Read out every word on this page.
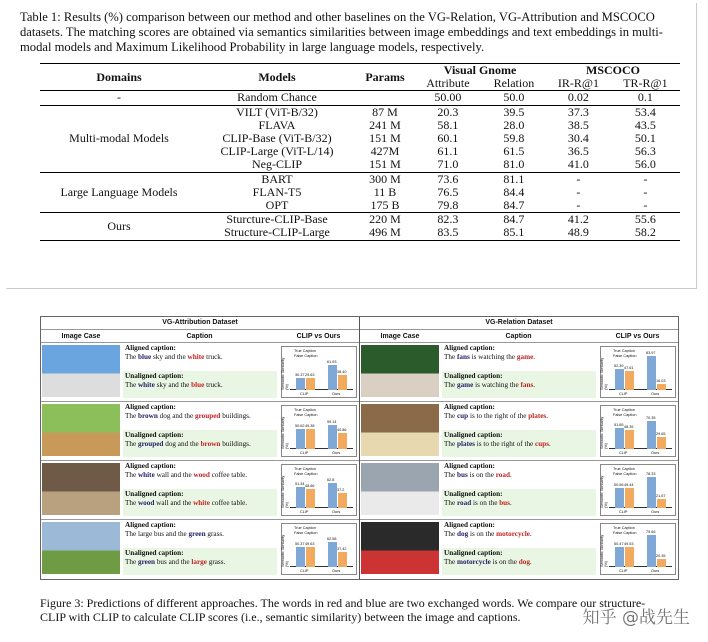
Table 1: Results (%) comparison between our method and other baselines on the VG-Relation, VG-Attribution and MSCOCO datasets. The matching scores are obtained via semantics similarities between image embeddings and text embeddings in multi-modal models and Maximum Likelihood Probability in large language models, respectively.

Domains	Models	Params	Visual Gnome		MSCOCO	
			Attribute	Relation	IR-R@1	TR-R@1
-	Random Chance		50.00	50.0	0.02	0.1
Multi-modal Models	VILT (ViT-B/32)	87 M	20.3	39.5	37.3	53.4
	FLAVA	241 M	58.1	28.0	38.5	43.5
	CLIP-Base (ViT-B/32)	151 M	60.1	59.8	30.4	50.1
	CLIP-Large (ViT-L/14)	427M	61.1	61.5	36.5	56.3
	Neg-CLIP	151 M	71.0	81.0	41.0	56.0
Large Language Models	BART	300 M	73.6	81.1	-	-
	FLAN-T5	11 B	76.5	84.4	-	-
	OPT	175 B	79.8	84.7	-	-
Ours	Sturcture-CLIP-Base	220 M	82.3	84.7	41.2	55.6
	Structure-CLIP-Large	496 M	83.5	85.1	48.9	58.2
VG-Attribution Dataset	VG-Relation Dataset
Image Case	Caption	CLIP vs Ours	Image Case	Caption	CLIP vs Ours
Aligned caption:
The blue sky and the white truck.
Unaligned caption:
The white sky and the blue truck.	Semantic Similarity (%)
True Caption
False Caption
30.37 29.63
61.93
38.40
CLIP	Ours
Aligned caption:
The brown dog and the grouped buildings.
Unaligned caption:
The grouped dog and the brown buildings.	Semantic Similarity (%)
True Caption
False Caption
50.62 49.38
59.14
40.86
CLIP	Ours
Aligned caption:
The white wall and the wood coffee table.
Unaligned caption:
The wood wall and the white coffee table.	Semantic Similarity (%)
True Caption
False Caption
51.34 48.66
62.8
37.2
CLIP	Ours
Aligned caption:
The large bus and the green grass.
Unaligned caption:
The green bus and the large grass.	Semantic Similarity (%)
True Caption
False Caption
50.37 49.63
62.58
37.42
CLIP	Ours
Aligned caption:
The fans is watching the game.
Unaligned caption:
The game is watching the fans.	Semantic Similarity (%)
True Caption
False Caption
52.39 47.61
83.97
16.03
CLIP	Ours
Aligned caption:
The cup is to the right of the plates.
Unaligned caption:
The plates is to the right of the cups.	Semantic Similarity (%)
True Caption
False Caption
51.65 48.35
70.35
29.65
CLIP	Ours
Aligned caption:
The bus is on the road.
Unaligned caption:
The road is on the bus.	Semantic Similarity (%)
True Caption
False Caption
50.56 49.44
78.33
21.67
CLIP	Ours
Aligned caption:
The dog is on the motorcycle.
Unaligned caption:
The motorcycle is on the dog.	Semantic Similarity (%)
True Caption
False Caption
50.47 49.53
79.65
20.35
CLIP	Ours

Figure 3: Predictions of different approaches. The words in red and blue are two exchanged words. We compare our structure-CLIP with CLIP to calculate CLIP scores (i.e., semantic similarity) between the image and captions.	知乎 @战先生
